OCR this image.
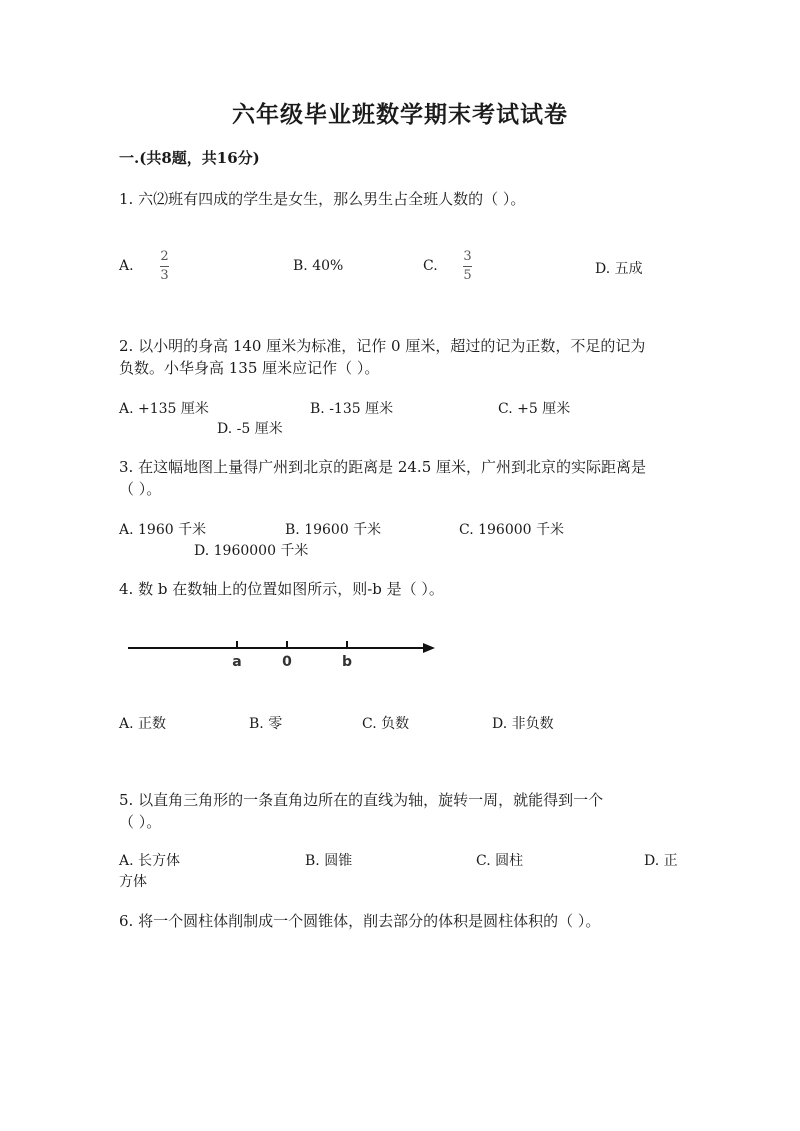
六年级毕业班数学期末考试试卷
一.(共8题，共16分)
1. 六⑵班有四成的学生是女生，那么男生占全班人数的（ ）。
A.
2
3
B. 40%	C.
3
5	D. 五成
2. 以小明的身高 140 厘米为标准，记作 0 厘米，超过的记为正数，不足的记为
负数。小华身高 135 厘米应记作（ ）。
A. +135 厘米	B. -135 厘米	C. +5 厘米
D. -5 厘米
3. 在这幅地图上量得广州到北京的距离是 24.5 厘米，广州到北京的实际距离是
（ ）。
A. 1960 千米	B. 19600 千米	C. 196000 千米
D. 1960000 千米
4. 数 b 在数轴上的位置如图所示，则-b 是（ ）。
a	0	b
A. 正数	B. 零	C. 负数	D. 非负数
5. 以直角三角形的一条直角边所在的直线为轴，旋转一周，就能得到一个
（ ）。
A. 长方体	B. 圆锥	C. 圆柱	D. 正
方体
6. 将一个圆柱体削制成一个圆锥体，削去部分的体积是圆柱体积的（ ）。
